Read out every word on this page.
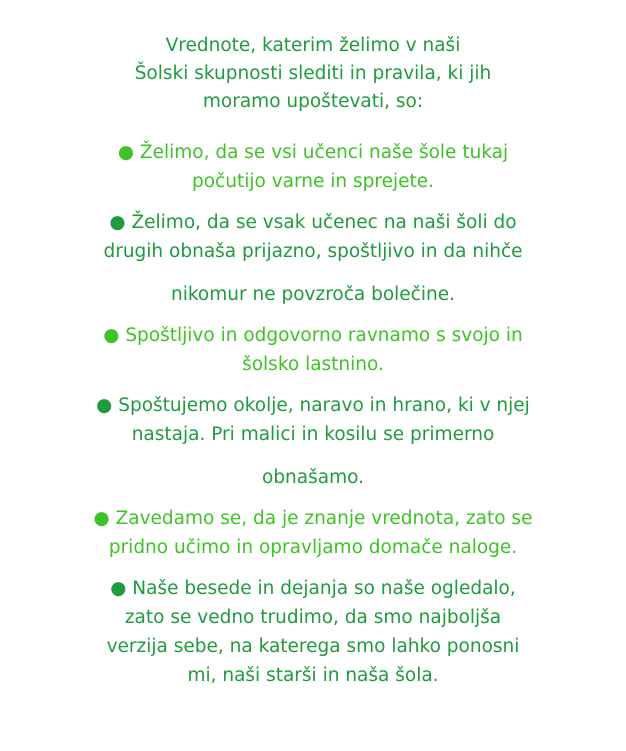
Vrednote, katerim želimo v naši
Šolski skupnosti slediti in pravila, ki jih
moramo upoštevati, so:
● Želimo, da se vsi učenci naše šole tukaj
počutijo varne in sprejete.
● Želimo, da se vsak učenec na naši šoli do
drugih obnaša prijazno, spoštljivo in da nihče
nikomur ne povzroča bolečine.
● Spoštljivo in odgovorno ravnamo s svojo in
šolsko lastnino.
● Spoštujemo okolje, naravo in hrano, ki v njej
nastaja. Pri malici in kosilu se primerno
obnašamo.
● Zavedamo se, da je znanje vrednota, zato se
pridno učimo in opravljamo domače naloge.
● Naše besede in dejanja so naše ogledalo,
zato se vedno trudimo, da smo najboljša
verzija sebe, na katerega smo lahko ponosni
mi, naši starši in naša šola.
